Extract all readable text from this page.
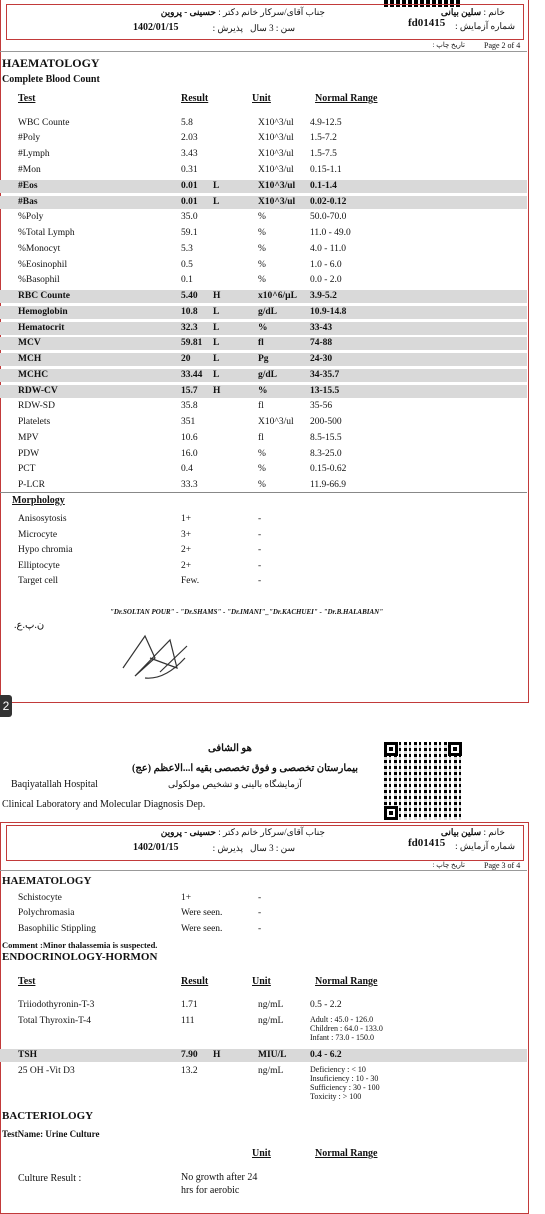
خانم : سلین بیانی
جناب آقای/سرکار خانم دکتر : حسینی - پروین
شماره آزمایش :
fd01415
سن : 3 سال
پذیرش :
1402/01/15
تاریخ چاپ : Page 2 of 4
HAEMATOLOGY
Complete Blood Count
Test	Result	Unit	Normal Range
WBC Counte	5.8	X10^3/ul 4.9-12.5
#Poly	2.03	X10^3/ul 1.5-7.2
#Lymph	3.43	X10^3/ul 1.5-7.5
#Mon	0.31	X10^3/ul 0.15-1.1
#Eos	0.01 L	X10^3/ul 0.1-1.4
#Bas	0.01 L	X10^3/ul 0.02-0.12
%Poly	35.0	%	50.0-70.0
%Total Lymph	59.1	%	11.0 - 49.0
%Monocyt	5.3	%	4.0 - 11.0
%Eosinophil	0.5	%	1.0 - 6.0
%Basophil	0.1	%	0.0 - 2.0
RBC Counte	5.40 H	x10^6/µL 3.9-5.2
Hemoglobin	10.8 L	g/dL	10.9-14.8
Hematocrit	32.3 L	%	33-43
MCV	59.81 L	fl	74-88
MCH	20 L	Pg	24-30
MCHC	33.44 L	g/dL	34-35.7
RDW-CV	15.7 H	%	13-15.5
RDW-SD	35.8	fl	35-56
Platelets	351	X10^3/ul 200-500
MPV	10.6	fl	8.5-15.5
PDW	16.0	%	8.3-25.0
PCT	0.4	%	0.15-0.62
P-LCR	33.3	%	11.9-66.9
Morphology
Anisosytosis	1+	-
Microcyte	3+	-
Hypo chromia	2+	-
Elliptocyte	2+	-
Target cell	Few.	-
"Dr.SOLTAN POUR" - "Dr.SHAMS" - "Dr.IMANI"_"Dr.KACHUEI" - "Dr.B.HALABIAN"
ن.پ.ع.
2
هو الشافی
بیمارستان تخصصی و فوق تخصصی بقیه ا...الاعظم (عج)
آزمایشگاه بالینی و تشخیص مولکولی
Baqiyatallah Hospital
Clinical Laboratory and Molecular Diagnosis Dep.
خانم : سلین بیانی
جناب آقای/سرکار خانم دکتر : حسینی - پروین
شماره آزمایش :
fd01415
سن : 3 سال
پذیرش :
1402/01/15
تاریخ چاپ : Page 3 of 4
HAEMATOLOGY
Schistocyte	1+	-
Polychromasia	Were seen.	-
Basophilic Stippling	Were seen.	-
Comment :Minor thalassemia is suspected.
ENDOCRINOLOGY-HORMON
Test	Result	Unit	Normal Range
Triiodothyronin-T-3	1.71	ng/mL	0.5 - 2.2
Total Thyroxin-T-4	111	ng/mL	Adult : 45.0 - 126.0
Children : 64.0 - 133.0
Infant : 73.0 - 150.0
TSH	7.90 H	MIU/L 0.4 - 6.2
25 OH -Vit D3	13.2	ng/mL	Deficiency : < 10
Insuficiency : 10 - 30
Sufficiency : 30 - 100
Toxicity : > 100
BACTERIOLOGY
TestName: Urine Culture
Unit	Normal Range
Culture Result :	No growth after 24
hrs for aerobic
